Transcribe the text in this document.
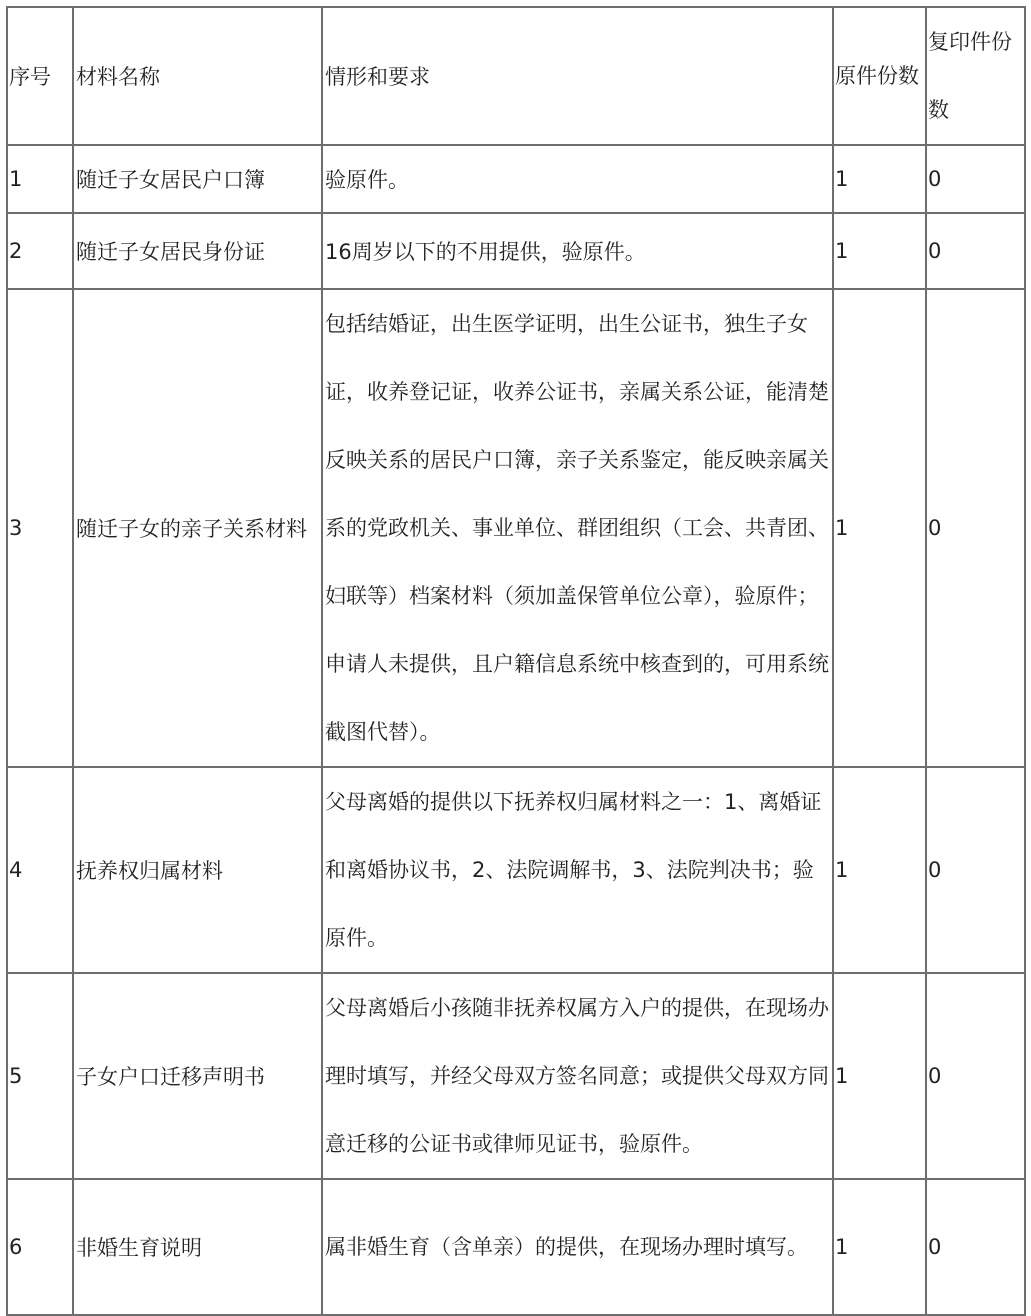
序号	材料名称	情形和要求	原件份数	复印件份数
1	随迁子女居民户口簿	验原件。	1	0
2	随迁子女居民身份证	16周岁以下的不用提供，验原件。	1	0
3	随迁子女的亲子关系材料	包括结婚证，出生医学证明，出生公证书，独生子女证，收养登记证，收养公证书，亲属关系公证，能清楚反映关系的居民户口簿，亲子关系鉴定，能反映亲属关系的党政机关、事业单位、群团组织（工会、共青团、妇联等）档案材料（须加盖保管单位公章），验原件；申请人未提供，且户籍信息系统中核查到的，可用系统截图代替）。	1	0
4	抚养权归属材料	父母离婚的提供以下抚养权归属材料之一：1、离婚证和离婚协议书，2、法院调解书，3、法院判决书；验原件。	1	0
5	子女户口迁移声明书	父母离婚后小孩随非抚养权属方入户的提供，在现场办理时填写，并经父母双方签名同意；或提供父母双方同意迁移的公证书或律师见证书，验原件。	1	0
6	非婚生育说明	属非婚生育（含单亲）的提供，在现场办理时填写。	1	0
